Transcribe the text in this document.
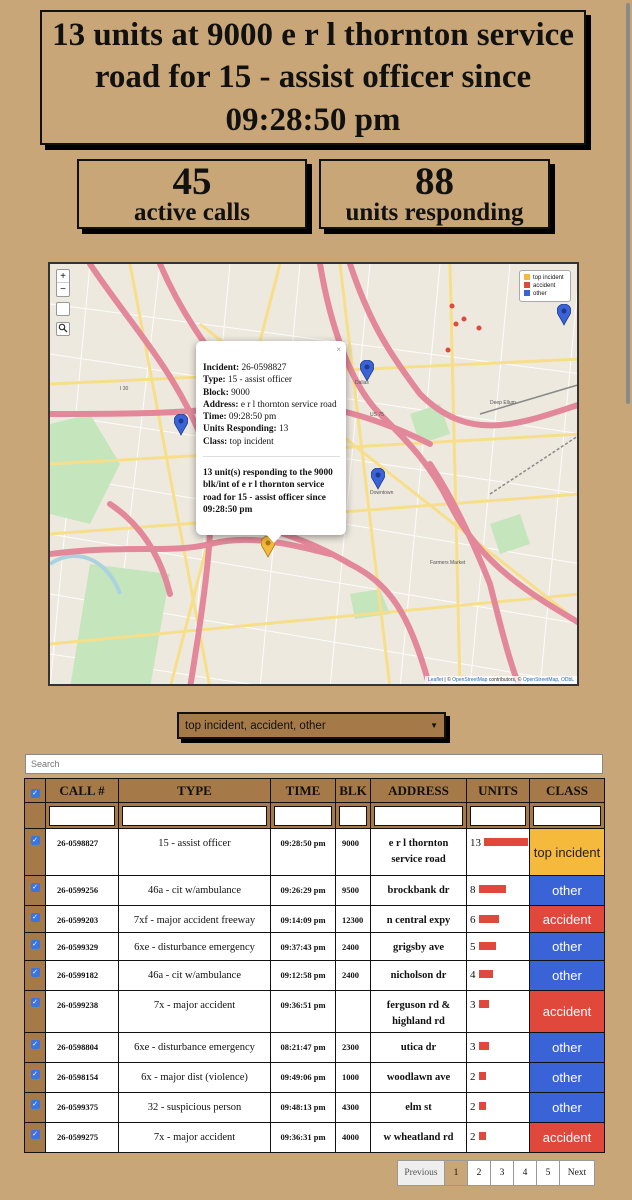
13 units at 9000 e r l thornton service road for 15 - assist officer since 09:28:50 pm
45
active calls
88
units responding
Dallas
Deep Ellum
Downtown
Farmers Market
I 30
US 75
+
−
top incident
accident
other
×
Incident: 26-0598827
Type: 15 - assist officer
Block: 9000
Address: e r l thornton service road
Time: 09:28:50 pm
Units Responding: 13
Class: top incident
13 unit(s) responding to the 9000 blk/int of e r l thornton service road for 15 - assist officer since 09:28:50 pm
Leaflet | © OpenStreetMap contributors, © OpenStreetMap, ODbL
top incident, accident, other	▼
Search
✓	CALL #	TYPE	TIME	BLK	ADDRESS	UNITS	CLASS

✓	26-0598827	15 - assist officer	09:28:50 pm	9000	e r l thornton service road	13	top incident
✓	26-0599256	46a - cit w/ambulance	09:26:29 pm	9500	brockbank dr	8	other
✓	26-0599203	7xf - major accident freeway	09:14:09 pm	12300	n central expy	6	accident
✓	26-0599329	6xe - disturbance emergency	09:37:43 pm	2400	grigsby ave	5	other
✓	26-0599182	46a - cit w/ambulance	09:12:58 pm	2400	nicholson dr	4	other
✓	26-0599238	7x - major accident	09:36:51 pm		ferguson rd & highland rd	3	accident
✓	26-0598804	6xe - disturbance emergency	08:21:47 pm	2300	utica dr	3	other
✓	26-0598154	6x - major dist (violence)	09:49:06 pm	1000	woodlawn ave	2	other
✓	26-0599375	32 - suspicious person	09:48:13 pm	4300	elm st	2	other
✓	26-0599275	7x - major accident	09:36:31 pm	4000	w wheatland rd	2	accident
Previous	1	2	3	4	5	Next
